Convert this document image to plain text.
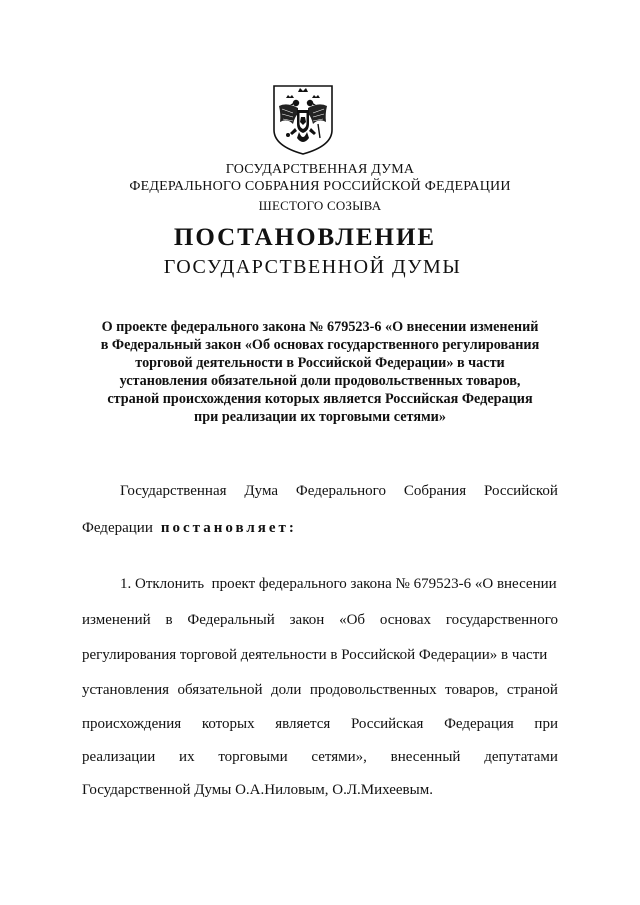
ГОСУДАРСТВЕННАЯ ДУМА
ФЕДЕРАЛЬНОГО СОБРАНИЯ РОССИЙСКОЙ ФЕДЕРАЦИИ
ШЕСТОГО СОЗЫВА
ПОСТАНОВЛЕНИЕ
ГОСУДАРСТВЕННОЙ ДУМЫ
О проекте федерального закона № 679523-6 «О внесении изменений
в Федеральный закон «Об основах государственного регулирования
торговой деятельности в Российской Федерации» в части
установления обязательной доли продовольственных товаров,
страной происхождения которых является Российская Федерация
при реализации их торговыми сетями»
Государственная Дума Федерального Собрания Российской
Федерации постановляет:
1. Отклонить  проект федерального закона № 679523-6 «О внесении
изменений в Федеральный закон «Об основах государственного
регулирования торговой деятельности в Российской Федерации» в части
установления обязательной доли продовольственных товаров, страной
происхождения которых является Российская Федерация при
реализации их торговыми сетями», внесенный депутатами
Государственной Думы О.А.Ниловым, О.Л.Михеевым.
